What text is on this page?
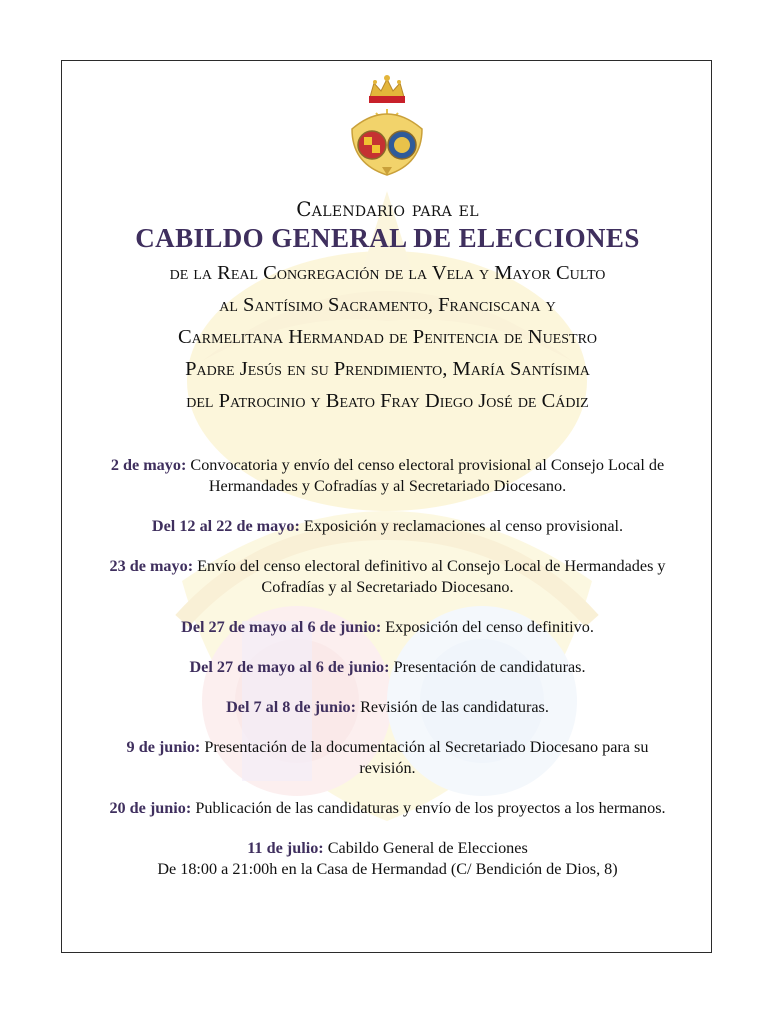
Calendario para el
CABILDO GENERAL DE ELECCIONES
de la Real Congregación de la Vela y Mayor Culto
al Santísimo Sacramento, Franciscana y
Carmelitana Hermandad de Penitencia de Nuestro
Padre Jesús en su Prendimiento, María Santísima
del Patrocinio y Beato Fray Diego José de Cádiz
2 de mayo: Convocatoria y envío del censo electoral provisional al Consejo Local de Hermandades y Cofradías y al Secretariado Diocesano.
Del 12 al 22 de mayo: Exposición y reclamaciones al censo provisional.
23 de mayo: Envío del censo electoral definitivo al Consejo Local de Hermandades y Cofradías y al Secretariado Diocesano.
Del 27 de mayo al 6 de junio: Exposición del censo definitivo.
Del 27 de mayo al 6 de junio: Presentación de candidaturas.
Del 7 al 8 de junio: Revisión de las candidaturas.
9 de junio: Presentación de la documentación al Secretariado Diocesano para su revisión.
20 de junio: Publicación de las candidaturas y envío de los proyectos a los hermanos.
11 de julio: Cabildo General de Elecciones
De 18:00 a 21:00h en la Casa de Hermandad (C/ Bendición de Dios, 8)
